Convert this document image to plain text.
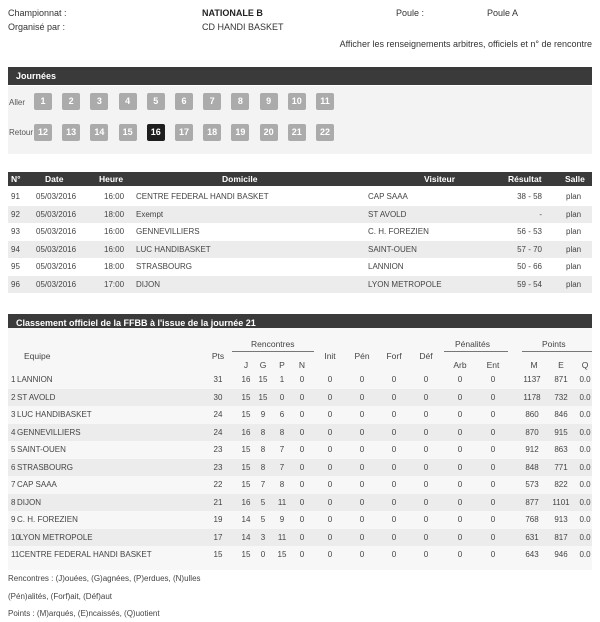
Championnat :	NATIONALE B
Organisé par :	CD HANDI BASKET
Poule :	Poule A
Afficher les renseignements arbitres, officiels et n° de rencontre
Journées
Aller
Retour
1	2	3	4	5	6	7	8	9	10	11
12	13	14	15	16	17	18	19	20	21	22
N°	Date	Heure	Domicile	Visiteur	Résultat	Salle
91 05/03/2016	16:00 CENTRE FEDERAL HANDI BASKET	CAP SAAA	38 - 58	plan
92 05/03/2016	18:00 Exempt	ST AVOLD	-	plan
93 05/03/2016	16:00 GENNEVILLIERS	C. H. FOREZIEN	56 - 53	plan
94 05/03/2016	16:00 LUC HANDIBASKET	SAINT-OUEN	57 - 70	plan
95 05/03/2016	18:00 STRASBOURG	LANNION	50 - 66	plan
96 05/03/2016	17:00 DIJON	LYON METROPOLE	59 - 54	plan
Classement officiel de la FFBB à l'issue de la journée 21
Rencontres	Pénalités	Points
Equipe	Pts
J	G	P	N
Init	Pén Forf	Déf
Arb	Ent	M	E	Q
1 LANNION	31	16	15	1	0	0	0	0	0	0	0	1137	871	0.0
2 ST AVOLD	30	15	15	0	0	0	0	0	0	0	0	1178	732	0.0
3 LUC HANDIBASKET	24	15	9	6	0	0	0	0	0	0	0	860	846	0.0
4 GENNEVILLIERS	24	16	8	8	0	0	0	0	0	0	0	870	915	0.0
5 SAINT-OUEN	23	15	8	7	0	0	0	0	0	0	0	912	863	0.0
6 STRASBOURG	23	15	8	7	0	0	0	0	0	0	0	848	771	0.0
7 CAP SAAA	22	15	7	8	0	0	0	0	0	0	0	573	822	0.0
8 DIJON	21	16	5	11	0	0	0	0	0	0	0	877	1101	0.0
9 C. H. FOREZIEN	19	14	5	9	0	0	0	0	0	0	0	768	913	0.0
10 LYON METROPOLE	17	14	3	11	0	0	0	0	0	0	0	631	817	0.0
11 CENTRE FEDERAL HANDI BASKET	15	15	0	15	0	0	0	0	0	0	0	643	946	0.0
Rencontres : (J)ouées, (G)agnées, (P)erdues, (N)ulles
(Pén)alités, (Forf)ait, (Déf)aut
Points : (M)arqués, (E)ncaissés, (Q)uotient
